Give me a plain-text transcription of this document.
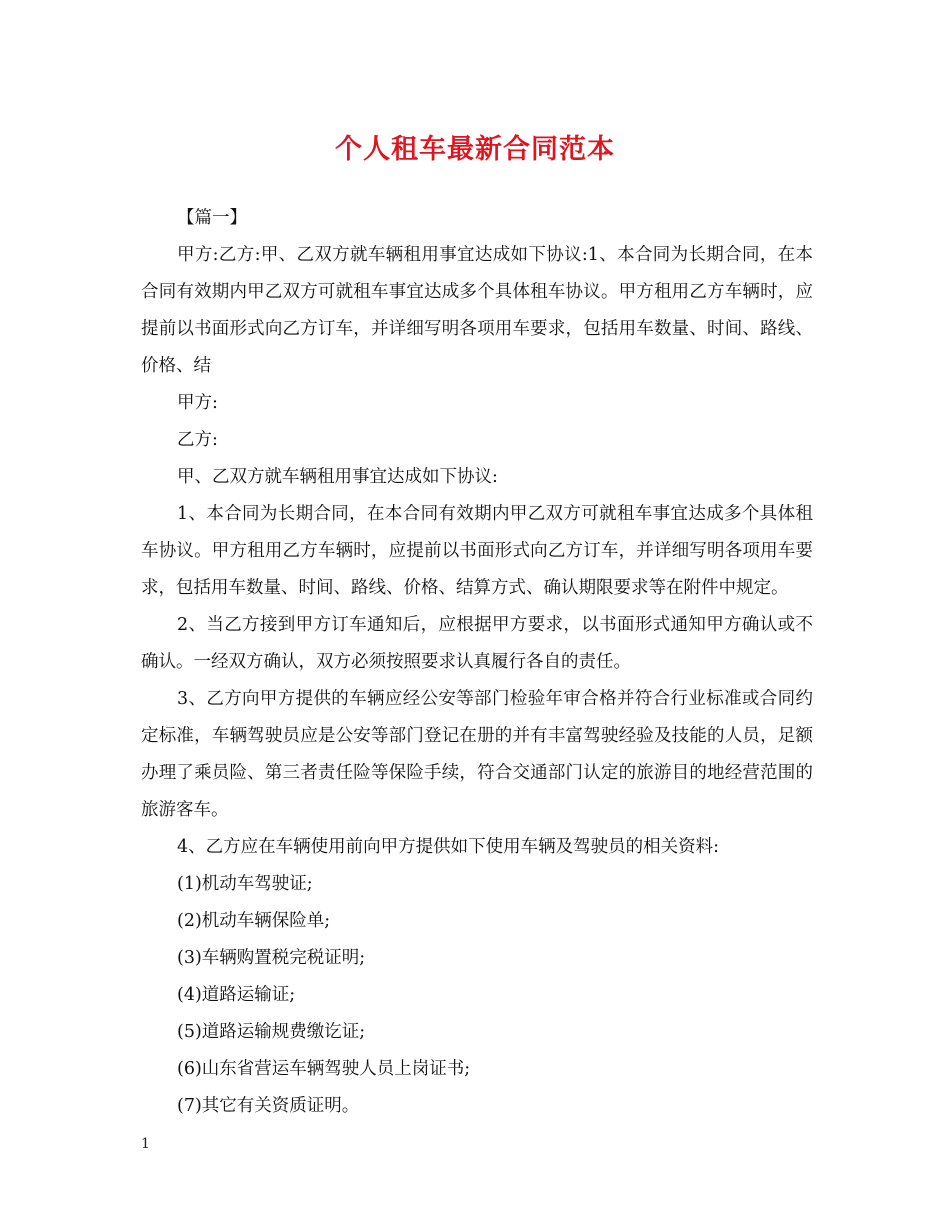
个人租车最新合同范本

【篇一】

甲方:乙方:甲、乙双方就车辆租用事宜达成如下协议:1、本合同为长期合同，在本合同有效期内甲乙双方可就租车事宜达成多个具体租车协议。甲方租用乙方车辆时，应提前以书面形式向乙方订车，并详细写明各项用车要求，包括用车数量、时间、路线、价格、结

甲方:

乙方:

甲、乙双方就车辆租用事宜达成如下协议:

1、本合同为长期合同，在本合同有效期内甲乙双方可就租车事宜达成多个具体租车协议。甲方租用乙方车辆时，应提前以书面形式向乙方订车，并详细写明各项用车要求，包括用车数量、时间、路线、价格、结算方式、确认期限要求等在附件中规定。

2、当乙方接到甲方订车通知后，应根据甲方要求，以书面形式通知甲方确认或不确认。一经双方确认，双方必须按照要求认真履行各自的责任。

3、乙方向甲方提供的车辆应经公安等部门检验年审合格并符合行业标准或合同约定标准，车辆驾驶员应是公安等部门登记在册的并有丰富驾驶经验及技能的人员，足额办理了乘员险、第三者责任险等保险手续，符合交通部门认定的旅游目的地经营范围的旅游客车。

4、乙方应在车辆使用前向甲方提供如下使用车辆及驾驶员的相关资料:

(1)机动车驾驶证;

(2)机动车辆保险单;

(3)车辆购置税完税证明;

(4)道路运输证;

(5)道路运输规费缴讫证;

(6)山东省营运车辆驾驶人员上岗证书;

(7)其它有关资质证明。

1
